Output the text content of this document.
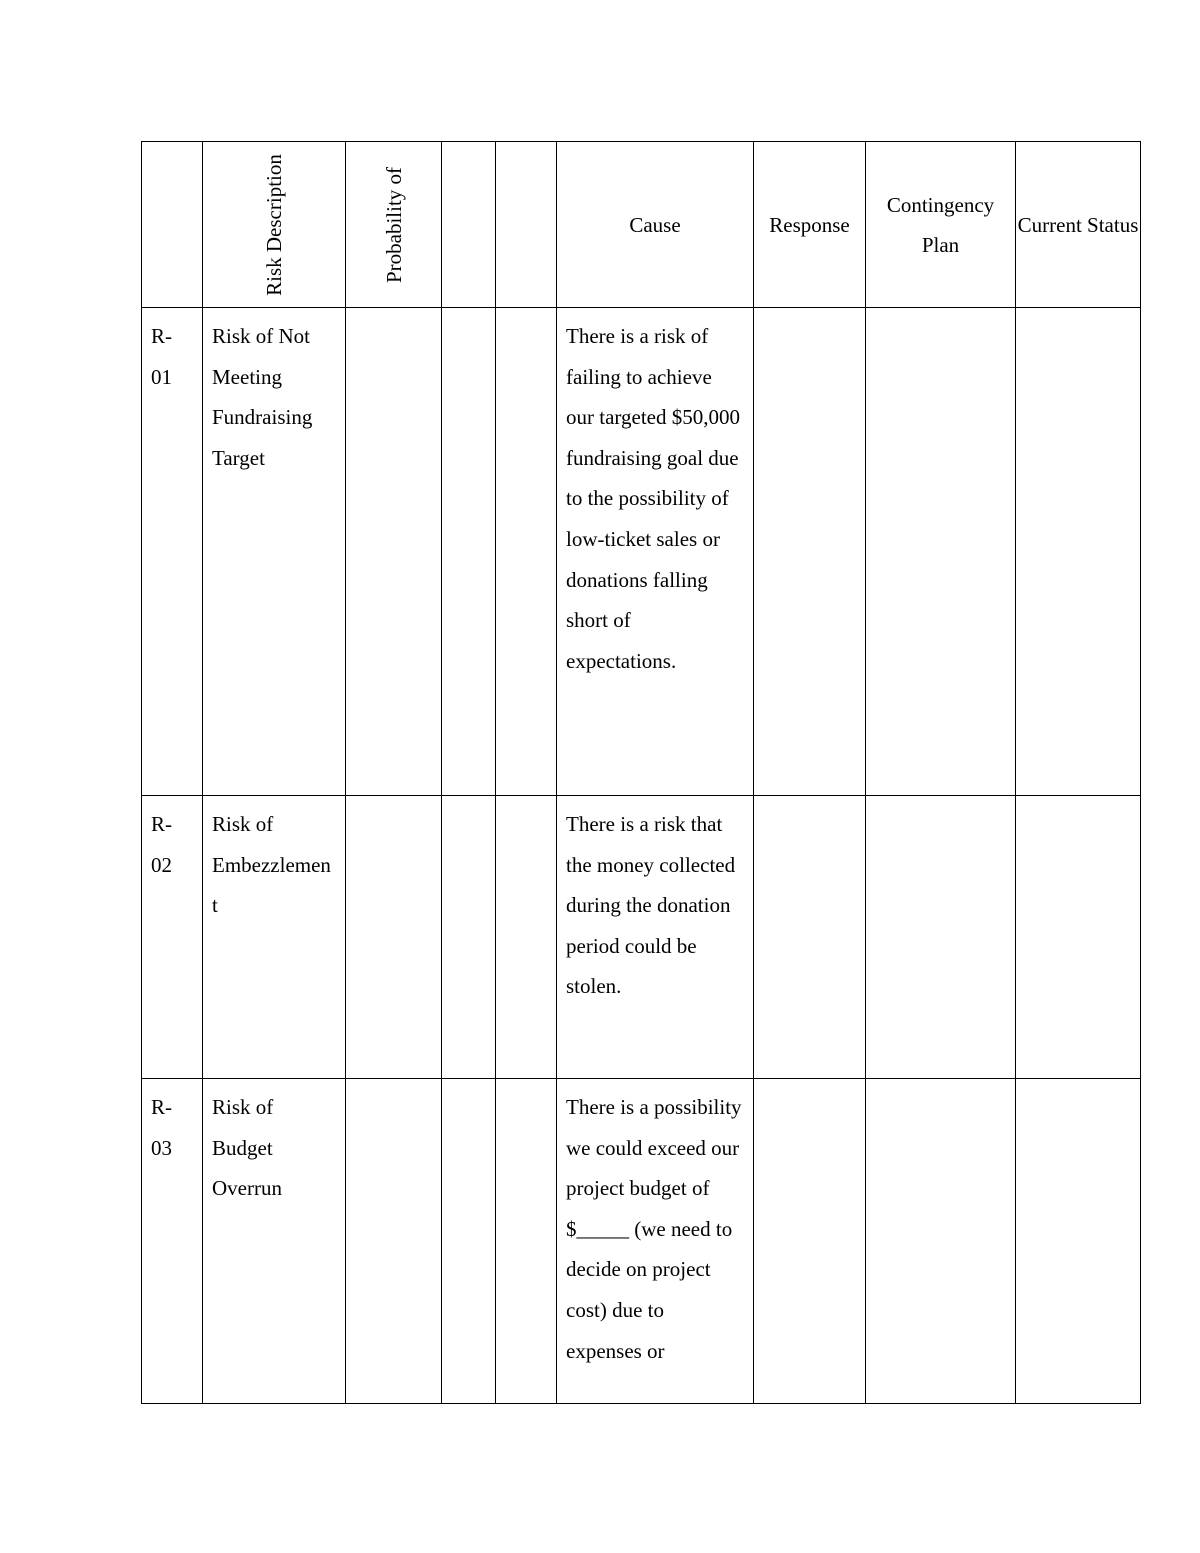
	Risk Description	Probability of			Cause	Response	Contingency Plan	Current Status
R-
01	Risk of Not Meeting Fundraising Target				There is a risk of failing to achieve our targeted $50,000 fundraising goal due to the possibility of low-ticket sales or donations falling short of expectations.			
R-
02	Risk of Embezzlement				There is a risk that the money collected during the donation period could be stolen.			
R-
03	Risk of Budget Overrun				There is a possibility we could exceed our project budget of $_____ (we need to decide on project cost) due to expenses or			
